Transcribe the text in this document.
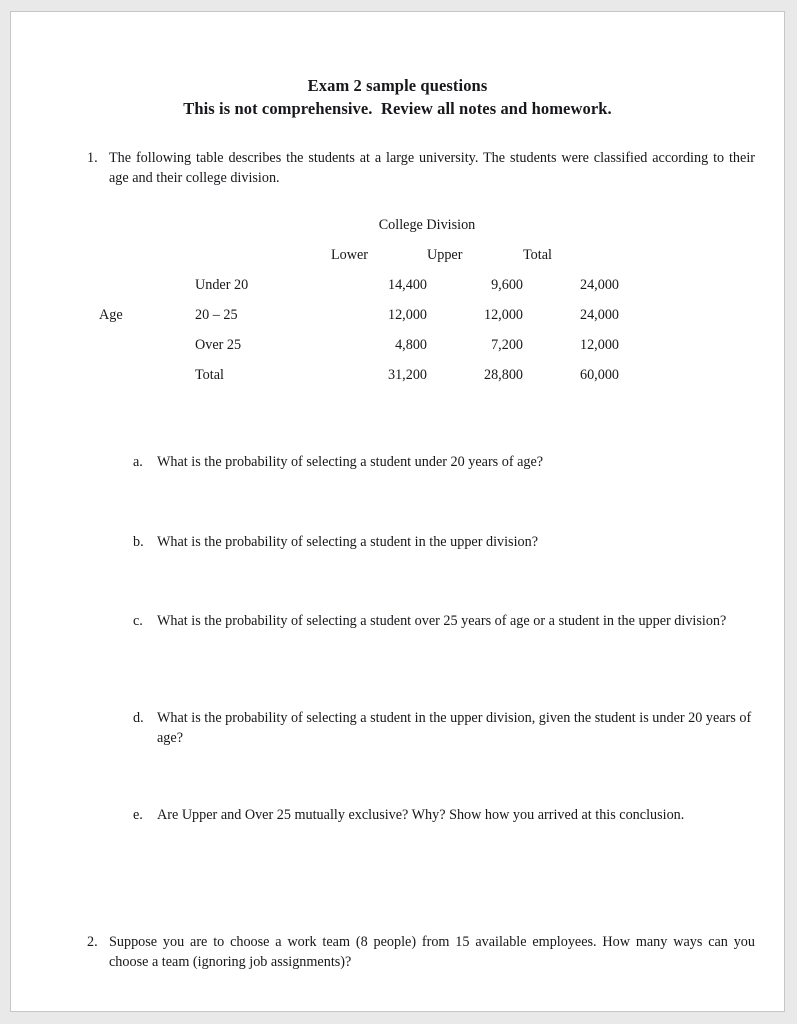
Exam 2 sample questions
This is not comprehensive.  Review all notes and homework.
1. The following table describes the students at a large university. The students were classified according to their age and their college division.
		College Division		
		Lower	Upper	Total
	Under 20	14,400	9,600	24,000
Age	20 – 25	12,000	12,000	24,000
	Over 25	4,800	7,200	12,000
	Total	31,200	28,800	60,000
a. What is the probability of selecting a student under 20 years of age?
b. What is the probability of selecting a student in the upper division?
c. What is the probability of selecting a student over 25 years of age or a student in the upper division?
d. What is the probability of selecting a student in the upper division, given the student is under 20 years of age?
e. Are Upper and Over 25 mutually exclusive? Why? Show how you arrived at this conclusion.
2. Suppose you are to choose a work team (8 people) from 15 available employees. How many ways can you choose a team (ignoring job assignments)?
